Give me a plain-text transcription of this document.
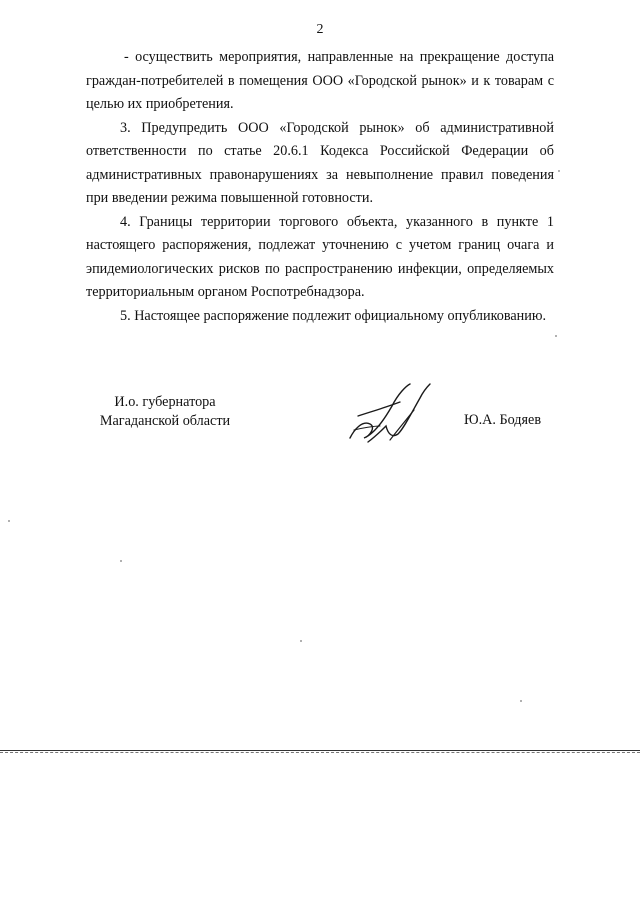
2

- осуществить мероприятия, направленные на прекращение доступа граждан-потребителей в помещения ООО «Городской рынок» и к товарам с целью их приобретения.

3. Предупредить ООО «Городской рынок» об административной ответственности по статье 20.6.1 Кодекса Российской Федерации об административных правонарушениях за невыполнение правил поведения при введении режима повышенной готовности.

4. Границы территории торгового объекта, указанного в пункте 1 настоящего распоряжения, подлежат уточнению с учетом границ очага и эпидемиологических рисков по распространению инфекции, определяемых территориальным органом Роспотребнадзора.

5. Настоящее распоряжение подлежит официальному опубликованию.

И.о. губернатора
Магаданской области	Ю.А. Бодяев
